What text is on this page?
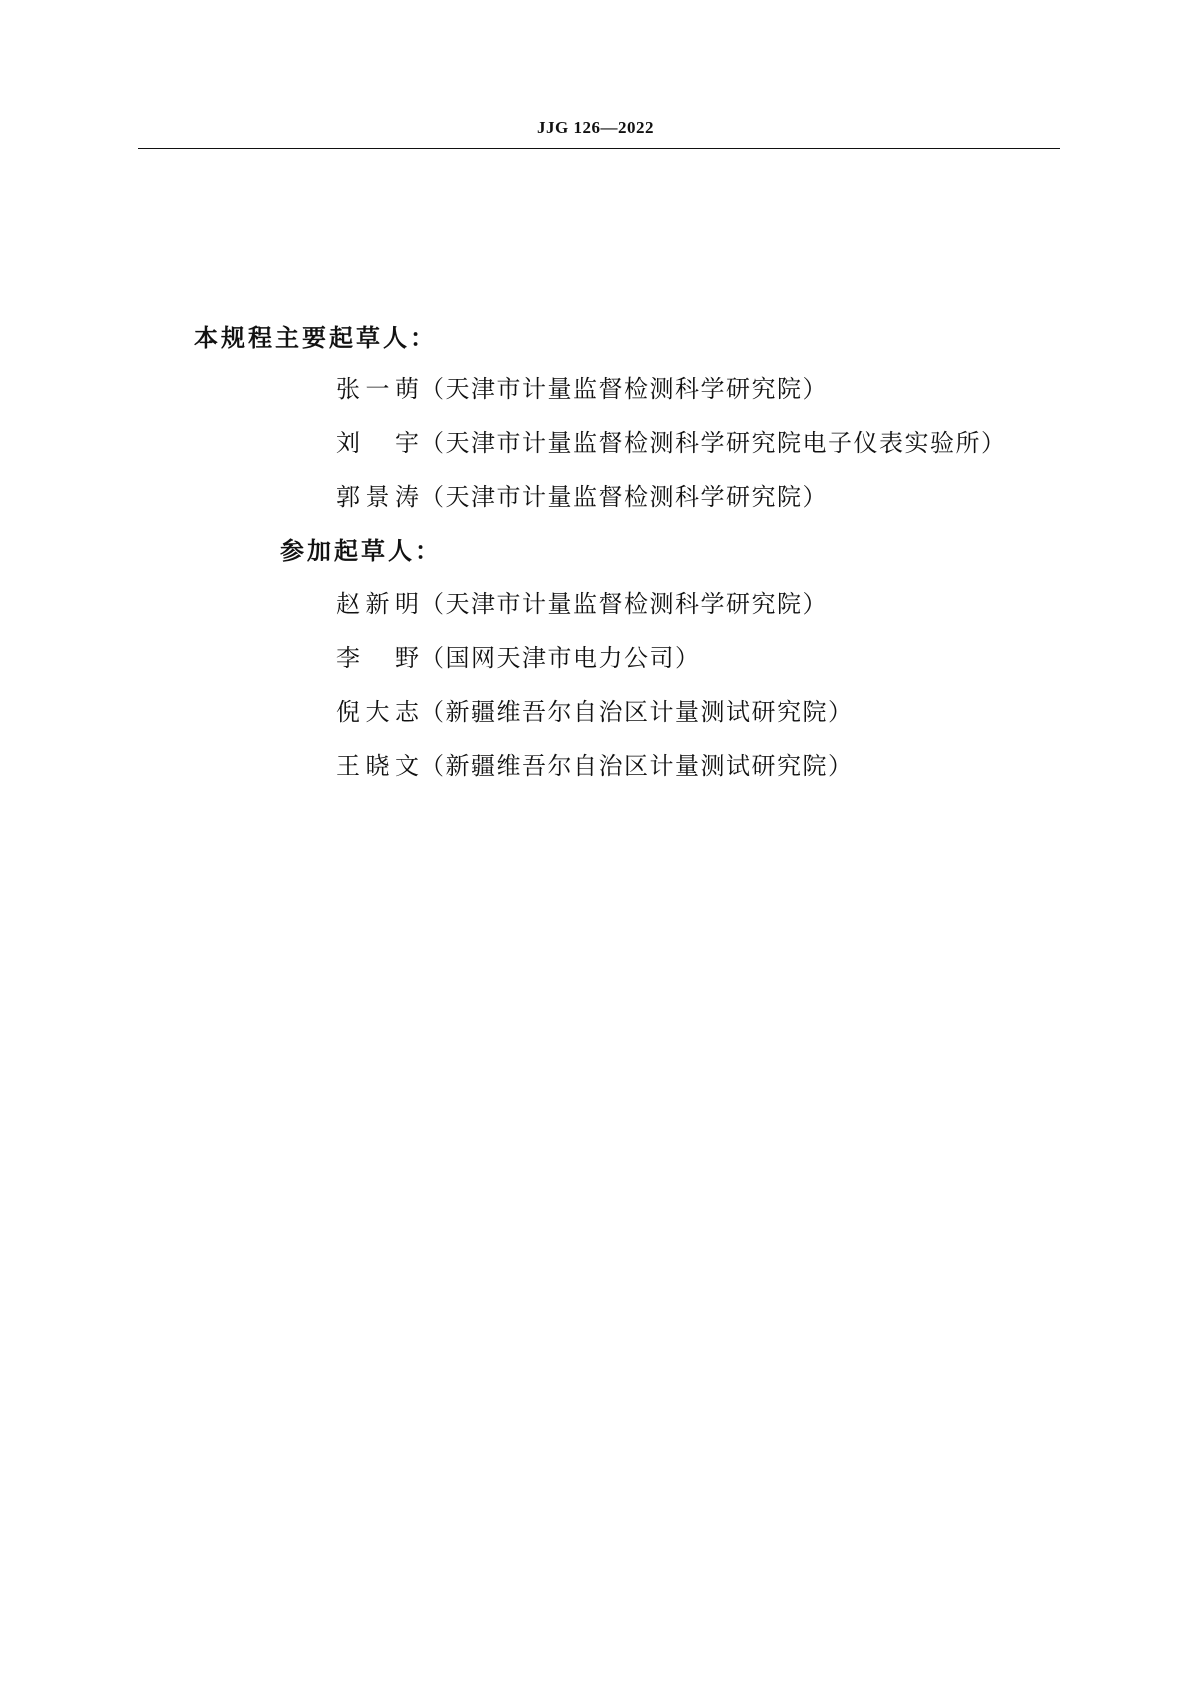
JJG 126—2022
本规程主要起草人：
张一萌 （天津市计量监督检测科学研究院）
刘　宇 （天津市计量监督检测科学研究院电子仪表实验所）
郭景涛 （天津市计量监督检测科学研究院）
参加起草人：
赵新明 （天津市计量监督检测科学研究院）
李　野 （国网天津市电力公司）
倪大志 （新疆维吾尔自治区计量测试研究院）
王晓文 （新疆维吾尔自治区计量测试研究院）
